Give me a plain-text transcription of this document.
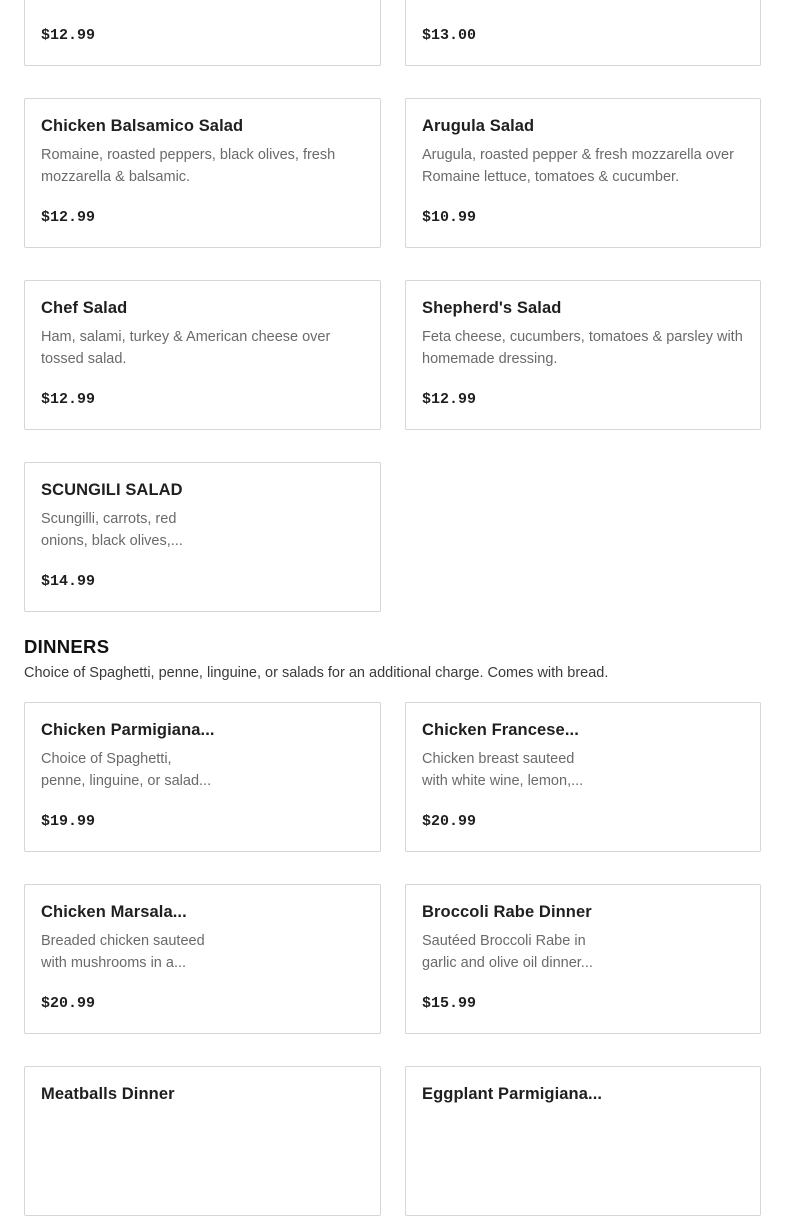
$12.99	$13.00
Chicken Balsamico Salad
Romaine, roasted peppers, black olives, fresh mozzarella & balsamic.
$12.99
Arugula Salad
Arugula, roasted pepper & fresh mozzarella over Romaine lettuce, tomatoes & cucumber.
$10.99
Chef Salad
Ham, salami, turkey & American cheese over tossed salad.
$12.99
Shepherd's Salad
Feta cheese, cucumbers, tomatoes & parsley with homemade dressing.
$12.99
SCUNGILI SALAD
Scungilli, carrots, red onions, black olives,...
$14.99
DINNERS
Choice of Spaghetti, penne, linguine, or salads for an additional charge. Comes with bread.
Chicken Parmigiana...
Choice of Spaghetti, penne, linguine, or salad...
$19.99
Chicken Francese...
Chicken breast sauteed with white wine, lemon,...
$20.99
Chicken Marsala...
Breaded chicken sauteed with mushrooms in a...
$20.99
Broccoli Rabe Dinner
Sautéed Broccoli Rabe in garlic and olive oil dinner...
$15.99
Meatballs Dinner	Eggplant Parmigiana...
